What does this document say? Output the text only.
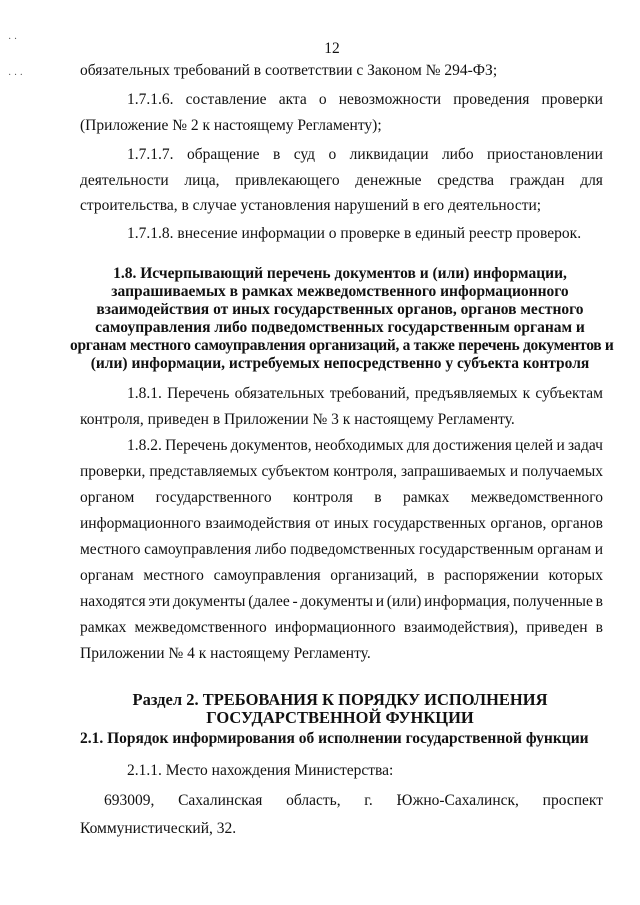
· ·
· · ·
12
обязательных требований в соответствии с Законом № 294-ФЗ;
1.7.1.6. составление акта о невозможности проведения проверки
(Приложение № 2 к настоящему Регламенту);
1.7.1.7. обращение в суд о ликвидации либо приостановлении
деятельности лица, привлекающего денежные средства граждан для
строительства, в случае установления нарушений в его деятельности;
1.7.1.8. внесение информации о проверке в единый реестр проверок.
1.8. Исчерпывающий перечень документов и (или) информации,
запрашиваемых в рамках межведомственного информационного
взаимодействия от иных государственных органов, органов местного
самоуправления либо подведомственных государственным органам и
органам местного самоуправления организаций, а также перечень документов и
(или) информации, истребуемых непосредственно у субъекта контроля
1.8.1. Перечень обязательных требований, предъявляемых к субъектам
контроля, приведен в Приложении № 3 к настоящему Регламенту.
1.8.2. Перечень документов, необходимых для достижения целей и задач
проверки, представляемых субъектом контроля, запрашиваемых и получаемых
органом государственного контроля в рамках межведомственного
информационного взаимодействия от иных государственных органов, органов
местного самоуправления либо подведомственных государственным органам и
органам местного самоуправления организаций, в распоряжении которых
находятся эти документы (далее - документы и (или) информация, полученные в
рамках межведомственного информационного взаимодействия), приведен в
Приложении № 4 к настоящему Регламенту.
Раздел 2. ТРЕБОВАНИЯ К ПОРЯДКУ ИСПОЛНЕНИЯ
ГОСУДАРСТВЕННОЙ ФУНКЦИИ
2.1. Порядок информирования об исполнении государственной функции
2.1.1. Место нахождения Министерства:
693009, Сахалинская область, г. Южно-Сахалинск, проспект
Коммунистический, 32.
